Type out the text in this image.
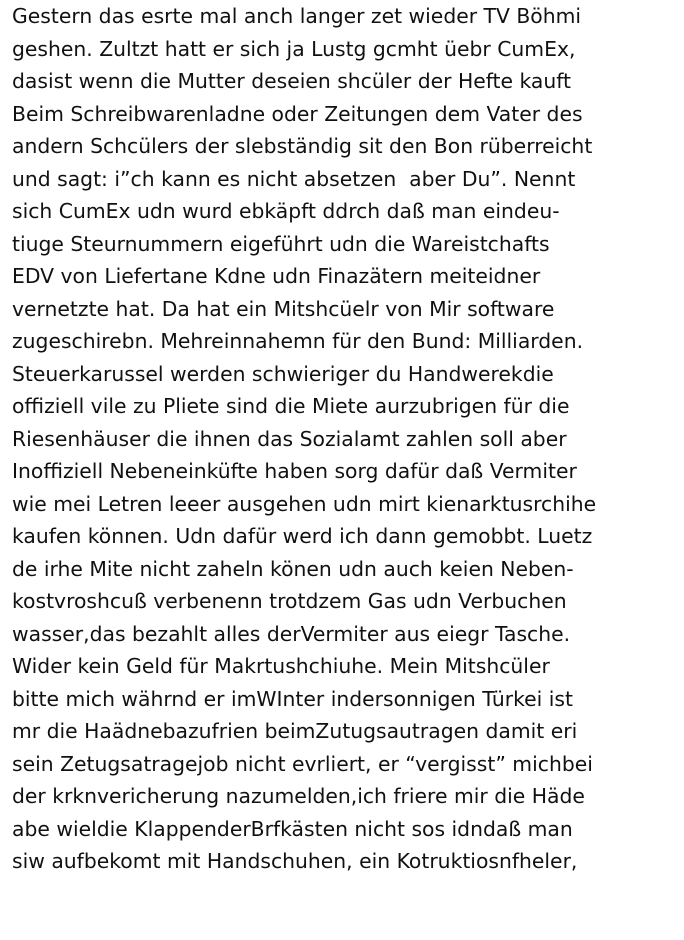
Gestern das esrte mal anch langer zet wieder TV Böhmi
geshen. Zultzt hatt er sich ja Lustg gcmht üebr CumEx,
dasist wenn die Mutter deseien shcüler der Hefte kauft
Beim Schreibwarenladne oder Zeitungen dem Vater des
andern Schcülers der slebständig sit den Bon rüberreicht
und sagt: i”ch kann es nicht absetzen  aber Du”. Nennt
sich CumEx udn wurd ebkäpft ddrch daß man eindeu-
tiuge Steurnummern eigeführt udn die Wareistchafts
EDV von Liefertane Kdne udn Finazätern meiteidner
vernetzte hat. Da hat ein Mitshcüelr von Mir software
zugeschirebn. Mehreinnahemn für den Bund: Milliarden.
Steuerkarussel werden schwieriger du Handwerekdie
offiziell vile zu Pliete sind die Miete aurzubrigen für die
Riesenhäuser die ihnen das Sozialamt zahlen soll aber
Inoffiziell Nebeneinküfte haben sorg dafür daß Vermiter
wie mei Letren leeer ausgehen udn mirt kienarktusrchihe
kaufen können. Udn dafür werd ich dann gemobbt. Luetz
de irhe Mite nicht zaheln könen udn auch keien Neben-
kostvroshcuß verbenenn trotdzem Gas udn Verbuchen
wasser,das bezahlt alles derVermiter aus eiegr Tasche.
Wider kein Geld für Makrtushchiuhe. Mein Mitshcüler
bitte mich währnd er imWInter indersonnigen Türkei ist
mr die Haädnebazufrien beimZutugsautragen damit eri
sein Zetugsatragejob nicht evrliert, er “vergisst” michbei
der krknvericherung nazumelden,ich friere mir die Häde
abe wieldie KlappenderBrfkästen nicht sos idndaß man
siw aufbekomt mit Handschuhen, ein Kotruktiosnfheler,
